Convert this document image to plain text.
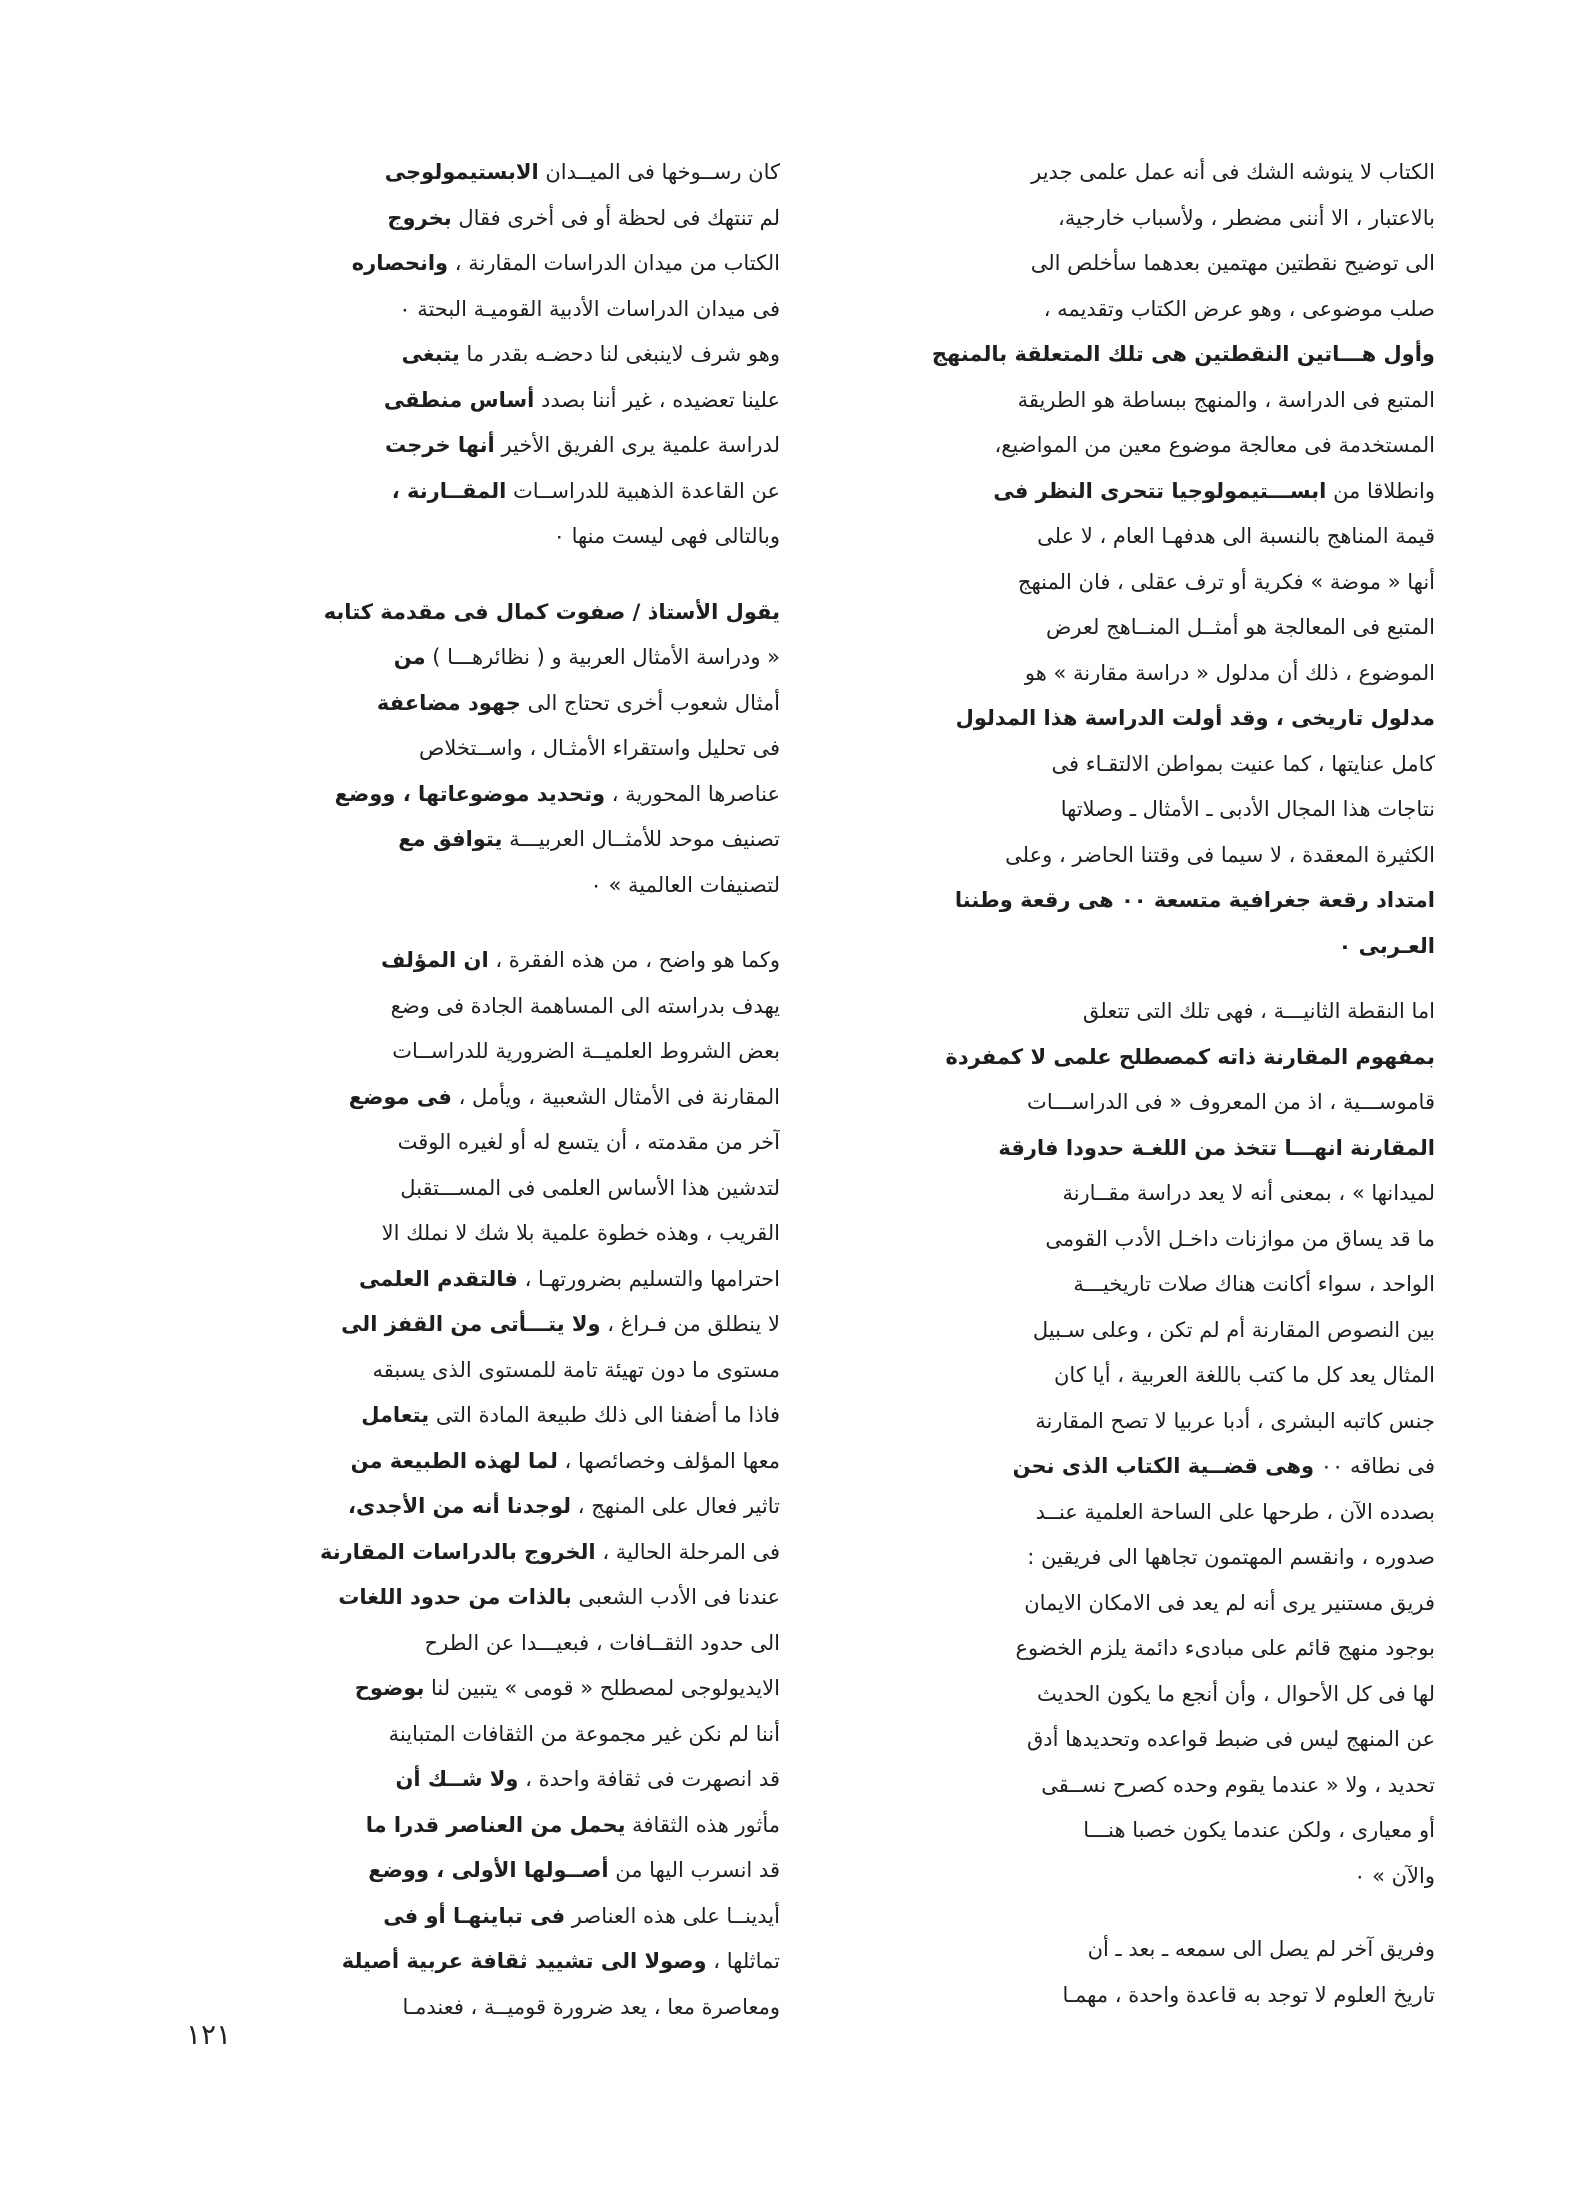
الكتاب لا ينوشه الشك فى أنه عمل علمى جدير
بالاعتبار ، الا أننى مضطر ، ولأسباب خارجية،
الى توضيح نقطتين مهتمين بعدهما سأخلص الى
صلب موضوعى ، وهو عرض الكتاب وتقديمه ،
وأول هـــاتين النقطتين هى تلك المتعلقة بالمنهج
المتبع فى الدراسة ، والمنهج ببساطة هو الطريقة
المستخدمة فى معالجة موضوع معين من المواضيع،
وانطلاقا من ابســـتيمولوجيا تتحرى النظر فى
قيمة المناهج بالنسبة الى هدفهـا العام ، لا على
أنها « موضة » فكرية أو ترف عقلى ، فان المنهج
المتبع فى المعالجة هو أمثــل المنــاهج لعرض
الموضوع ، ذلك أن مدلول « دراسة مقارنة » هو
مدلول تاريخى ، وقد أولت الدراسة هذا المدلول
كامل عنايتها ، كما عنيت بمواطن الالتقـاء فى
نتاجات هذا المجال الأدبى ـ الأمثال ـ وصلاتها
الكثيرة المعقدة ، لا سيما فى وقتنا الحاضر ، وعلى
امتداد رقعة جغرافية متسعة ٠٠ هى رقعة وطننا
العـربى ٠
اما النقطة الثانيـــة ، فهى تلك التى تتعلق
بمفهوم المقارنة ذاته كمصطلح علمى لا كمفردة
قاموســـية ، اذ من المعروف « فى الدراســـات
المقارنة انهـــا تتخذ من اللغـة حدودا فارقة
لميدانها » ، بمعنى أنه لا يعد دراسة مقــارنة
ما قد يساق من موازنات داخـل الأدب القومى
الواحد ، سواء أكانت هناك صلات تاريخيـــة
بين النصوص المقارنة أم لم تكن ، وعلى سـبيل
المثال يعد كل ما كتب باللغة العربية ، أيا كان
جنس كاتبه البشرى ، أدبا عربيا لا تصح المقارنة
فى نطاقه ٠٠ وهى قضــية الكتاب الذى نحن
بصدده الآن ، طرحها على الساحة العلمية عنــد
صدوره ، وانقسم المهتمون تجاهها الى فريقين :
فريق مستنير يرى أنه لم يعد فى الامكان الايمان
بوجود منهج قائم على مبادىء دائمة يلزم الخضوع
لها فى كل الأحوال ، وأن أنجع ما يكون الحديث
عن المنهج ليس فى ضبط قواعده وتحديدها أدق
تحديد ، ولا « عندما يقوم وحده كصرح نســقى
أو معيارى ، ولكن عندما يكون خصبا هنـــا
والآن » ٠
وفريق آخر لم يصل الى سمعه ـ بعد ـ أن
تاريخ العلوم لا توجد به قاعدة واحدة ، مهمـا
كان رســوخها فى الميــدان الابستيمولوجى
لم تنتهك فى لحظة أو فى أخرى فقال بخروج
الكتاب من ميدان الدراسات المقارنة ، وانحصاره
فى ميدان الدراسات الأدبية القوميـة البحتة ٠
وهو شرف لاينبغى لنا دحضـه بقدر ما يتبغى
علينا تعضيده ، غير أننا بصدد أساس منطقى
لدراسة علمية يرى الفريق الأخير أنها خرجت
عن القاعدة الذهبية للدراســات المقــارنة ،
وبالتالى فهى ليست منها ٠
يقول الأستاذ / صفوت كمال فى مقدمة كتابه
« ودراسة الأمثال العربية و ( نظائرهـــا ) من
أمثال شعوب أخرى تحتاج الى جهود مضاعفة
فى تحليل واستقراء الأمثـال ، واســتخلاص
عناصرها المحورية ، وتحديد موضوعاتها ، ووضع
تصنيف موحد للأمثــال العربيـــة يتوافق مع
لتصنيفات العالمية » ٠
وكما هو واضح ، من هذه الفقرة ، ان المؤلف
يهدف بدراسته الى المساهمة الجادة فى وضع
بعض الشروط العلميــة الضرورية للدراســات
المقارنة فى الأمثال الشعبية ، ويأمل ، فى موضع
آخر من مقدمته ، أن يتسع له أو لغيره الوقت
لتدشين هذا الأساس العلمى فى المســـتقبل
القريب ، وهذه خطوة علمية بلا شك لا نملك الا
احترامها والتسليم بضرورتهـا ، فالتقدم العلمى
لا ينطلق من فـراغ ، ولا يتـــأتى من القفز الى
مستوى ما دون تهيئة تامة للمستوى الذى يسبقه
فاذا ما أضفنا الى ذلك طبيعة المادة التى يتعامل
معها المؤلف وخصائصها ، لما لهذه الطبيعة من
تاثير فعال على المنهج ، لوجدنا أنه من الأجدى،
فى المرحلة الحالية ، الخروج بالدراسات المقارنة
عندنا فى الأدب الشعبى بالذات من حدود اللغات
الى حدود الثقــافات ، فبعيـــدا عن الطرح
الايديولوجى لمصطلح « قومى » يتبين لنا بوضوح
أننا لم نكن غير مجموعة من الثقافات المتباينة
قد انصهرت فى ثقافة واحدة ، ولا شــك أن
مأثور هذه الثقافة يحمل من العناصر قدرا ما
قد انسرب اليها من أصــولها الأولى ، ووضع
أيدينــا على هذه العناصر فى تباينهـا أو فى
تماثلها ، وصولا الى تشييد ثقافة عربية أصيلة
ومعاصرة معا ، يعد ضرورة قوميــة ، فعندمـا
١٢١
